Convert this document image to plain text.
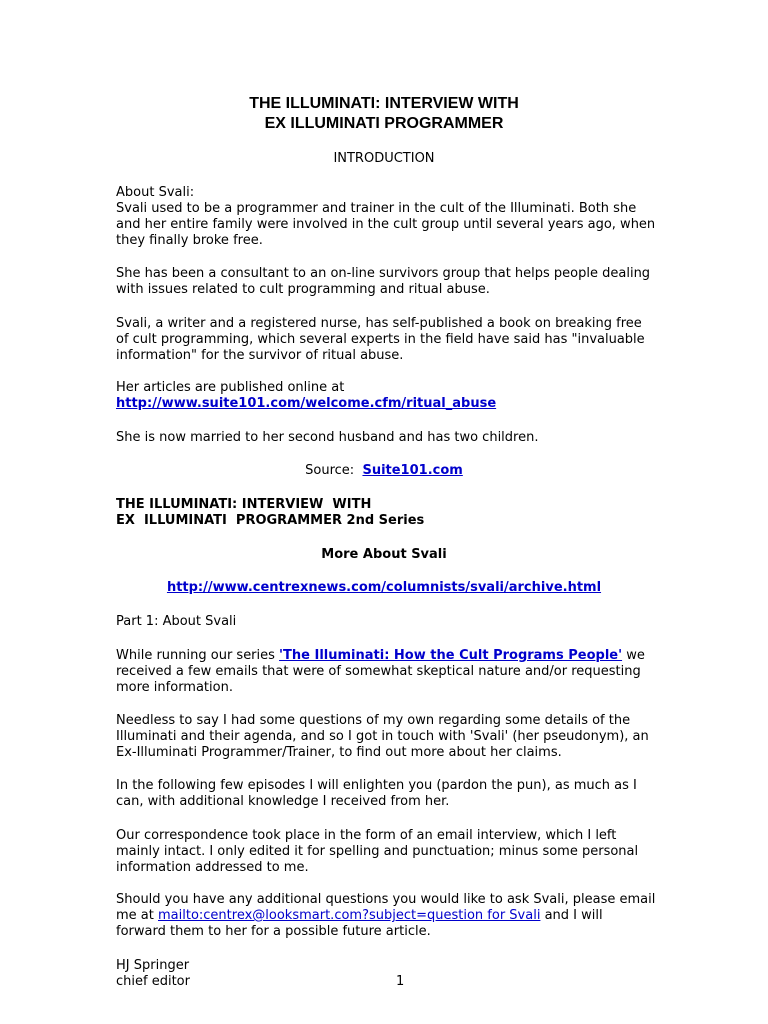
THE ILLUMINATI: INTERVIEW WITH
EX ILLUMINATI PROGRAMMER
INTRODUCTION
About Svali:
Svali used to be a programmer and trainer in the cult of the Illuminati. Both she and her entire family were involved in the cult group until several years ago, when they finally broke free.
She has been a consultant to an on-line survivors group that helps people dealing with issues related to cult programming and ritual abuse.
Svali, a writer and a registered nurse, has self-published a book on breaking free of cult programming, which several experts in the field have said has "invaluable information" for the survivor of ritual abuse.
Her articles are published online at
http://www.suite101.com/welcome.cfm/ritual_abuse
She is now married to her second husband and has two children.
Source: Suite101.com
THE ILLUMINATI: INTERVIEW  WITH
EX  ILLUMINATI  PROGRAMMER 2nd Series
More About Svali
http://www.centrexnews.com/columnists/svali/archive.html
Part 1: About Svali
While running our series 'The Illuminati: How the Cult Programs People' we received a few emails that were of somewhat skeptical nature and/or requesting more information.
Needless to say I had some questions of my own regarding some details of the Illuminati and their agenda, and so I got in touch with 'Svali' (her pseudonym), an Ex-Illuminati Programmer/Trainer, to find out more about her claims.
In the following few episodes I will enlighten you (pardon the pun), as much as I can, with additional knowledge I received from her.
Our correspondence took place in the form of an email interview, which I left mainly intact. I only edited it for spelling and punctuation; minus some personal information addressed to me.
Should you have any additional questions you would like to ask Svali, please email me at mailto:centrex@looksmart.com?subject=question for Svali and I will forward them to her for a possible future article.
HJ Springer
chief editor	1
